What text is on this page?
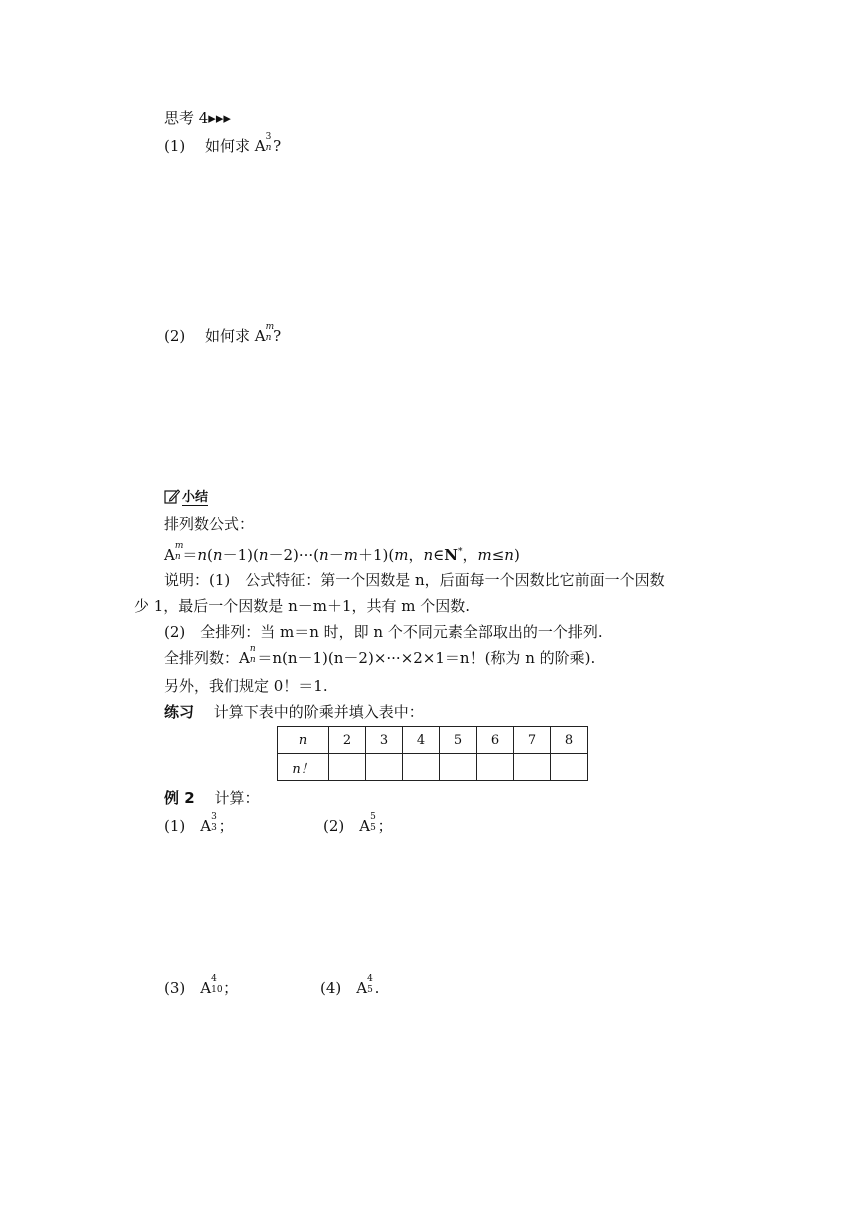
思考 4▸▸▸
(1)　 如何求 A 3
n ?
(2)　 如何求 A m
n ?
小结
排列数公式：
A m
n ＝n(n－1)(n－2)···(n－m＋1)(m，n∈N*，m≤n)
说明：(1)　公式特征：第一个因数是 n，后面每一个因数比它前面一个因数
少 1，最后一个因数是 n－m＋1，共有 m 个因数.
(2)　全排列：当 m＝n 时，即 n 个不同元素全部取出的一个排列.
全排列数：A n
n ＝n(n－1)(n－2)×···×2×1＝n！(称为 n 的阶乘).
另外，我们规定 0！＝1.
练习　 计算下表中的阶乘并填入表中：
n	2	3	4	5	6	7	8
n！							
例 2　 计算：
(1)　 A 3
3 ；	(2)　 A 5
5 ；
(3)　 A 4
10 ；	(4)　 A 4
5 .
